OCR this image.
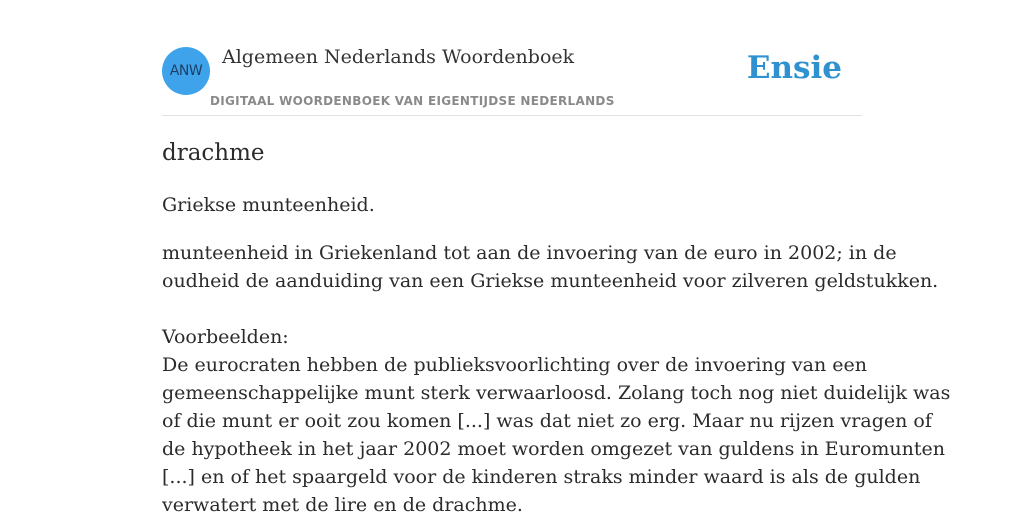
ANW
Algemeen Nederlands Woordenboek
DIGITAAL WOORDENBOEK VAN EIGENTIJDSE NEDERLANDS
Ensie
drachme
Griekse munteenheid.
munteenheid in Griekenland tot aan de invoering van de euro in 2002; in de
oudheid de aanduiding van een Griekse munteenheid voor zilveren geldstukken.
Voorbeelden:
De eurocraten hebben de publieksvoorlichting over de invoering van een
gemeenschappelijke munt sterk verwaarloosd. Zolang toch nog niet duidelijk was
of die munt er ooit zou komen [...] was dat niet zo erg. Maar nu rijzen vragen of
de hypotheek in het jaar 2002 moet worden omgezet van guldens in Euromunten
[...] en of het spaargeld voor de kinderen straks minder waard is als de gulden
verwatert met de lire en de drachme.
